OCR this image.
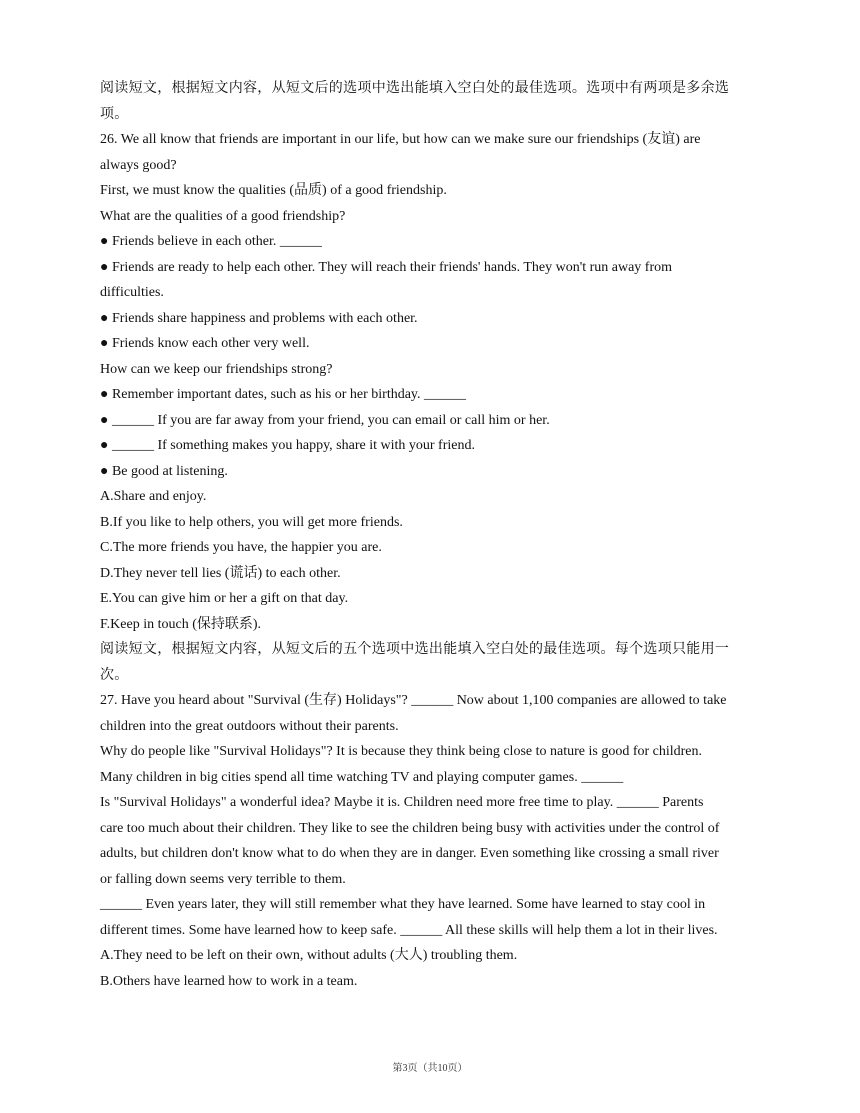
阅读短文，根据短文内容，从短文后的选项中选出能填入空白处的最佳选项。选项中有两项是多余选

项。

26. We all know that friends are important in our life, but how can we make sure our friendships (友谊) are

always good?

First, we must know the qualities (品质) of a good friendship.

What are the qualities of a good friendship?

● Friends believe in each other. ______

● Friends are ready to help each other. They will reach their friends' hands. They won't run away from

difficulties.

● Friends share happiness and problems with each other.

● Friends know each other very well.

How can we keep our friendships strong?

● Remember important dates, such as his or her birthday. ______

● ______ If you are far away from your friend, you can email or call him or her.

● ______ If something makes you happy, share it with your friend.

● Be good at listening.

A.Share and enjoy.

B.If you like to help others, you will get more friends.

C.The more friends you have, the happier you are.

D.They never tell lies (谎话) to each other.

E.You can give him or her a gift on that day.

F.Keep in touch (保持联系).

阅读短文，根据短文内容，从短文后的五个选项中选出能填入空白处的最佳选项。每个选项只能用一

次。

27. Have you heard about "Survival (生存) Holidays"? ______ Now about 1,100 companies are allowed to take

children into the great outdoors without their parents.

Why do people like "Survival Holidays"? It is because they think being close to nature is good for children.

Many children in big cities spend all time watching TV and playing computer games. ______

Is "Survival Holidays" a wonderful idea? Maybe it is. Children need more free time to play. ______ Parents

care too much about their children. They like to see the children being busy with activities under the control of

adults, but children don't know what to do when they are in danger. Even something like crossing a small river

or falling down seems very terrible to them.

______ Even years later, they will still remember what they have learned. Some have learned to stay cool in

different times. Some have learned how to keep safe. ______ All these skills will help them a lot in their lives.

A.They need to be left on their own, without adults (大人) troubling them.

B.Others have learned how to work in a team.

第3页（共10页）
